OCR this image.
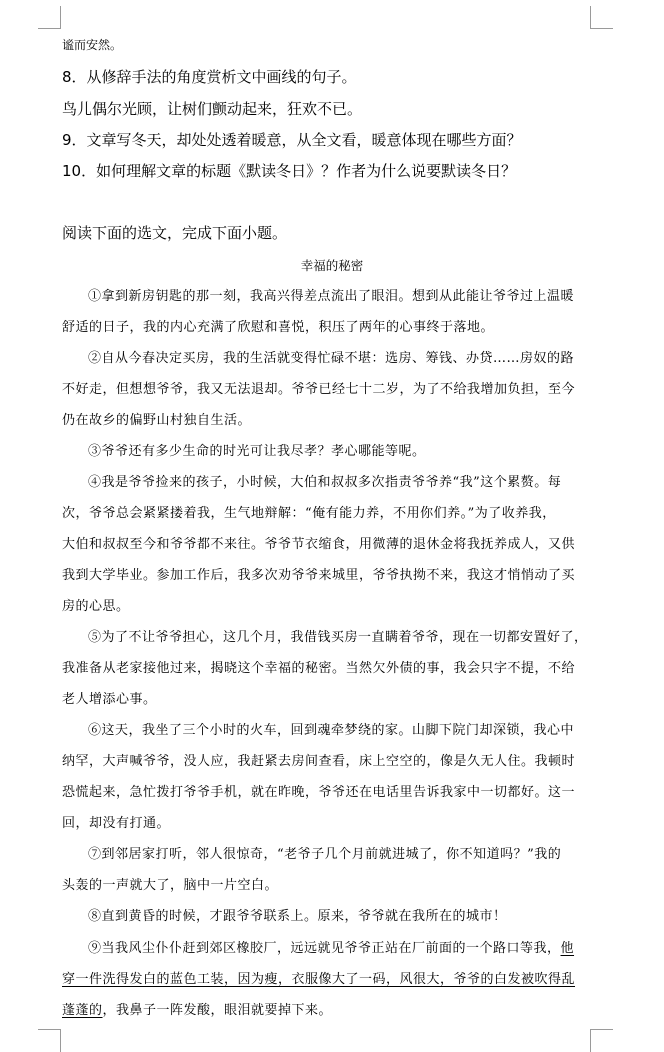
谧而安然。
8．从修辞手法的角度赏析文中画线的句子。
鸟儿偶尔光顾，让树们颤动起来，狂欢不已。
9．文章写冬天，却处处透着暖意，从全文看，暖意体现在哪些方面？
10．如何理解文章的标题《默读冬日》？作者为什么说要默读冬日？
阅读下面的选文，完成下面小题。
幸福的秘密
①拿到新房钥匙的那一刻，我高兴得差点流出了眼泪。想到从此能让爷爷过上温暖
舒适的日子，我的内心充满了欣慰和喜悦，积压了两年的心事终于落地。
②自从今春决定买房，我的生活就变得忙碌不堪：选房、筹钱、办贷……房奴的路
不好走，但想想爷爷，我又无法退却。爷爷已经七十二岁，为了不给我增加负担，至今
仍在故乡的偏野山村独自生活。
③爷爷还有多少生命的时光可让我尽孝？孝心哪能等呢。
④我是爷爷捡来的孩子，小时候，大伯和叔叔多次指责爷爷养“我”这个累赘。每
次，爷爷总会紧紧搂着我，生气地辩解：“俺有能力养，不用你们养。”为了收养我，
大伯和叔叔至今和爷爷都不来往。爷爷节衣缩食，用微薄的退休金将我抚养成人，又供
我到大学毕业。参加工作后，我多次劝爷爷来城里，爷爷执拗不来，我这才悄悄动了买
房的心思。
⑤为了不让爷爷担心，这几个月，我借钱买房一直瞒着爷爷，现在一切都安置好了，
我准备从老家接他过来，揭晓这个幸福的秘密。当然欠外债的事，我会只字不提，不给
老人增添心事。
⑥这天，我坐了三个小时的火车，回到魂牵梦绕的家。山脚下院门却深锁，我心中
纳罕，大声喊爷爷，没人应，我赶紧去房间查看，床上空空的，像是久无人住。我顿时
恐慌起来，急忙拨打爷爷手机，就在昨晚，爷爷还在电话里告诉我家中一切都好。这一
回，却没有打通。
⑦到邻居家打听，邻人很惊奇，“老爷子几个月前就进城了，你不知道吗？”我的
头轰的一声就大了，脑中一片空白。
⑧直到黄昏的时候，才跟爷爷联系上。原来，爷爷就在我所在的城市！
⑨当我风尘仆仆赶到郊区橡胶厂，远远就见爷爷正站在厂前面的一个路口等我，他
穿一件洗得发白的蓝色工装，因为瘦，衣服像大了一码，风很大，爷爷的白发被吹得乱
蓬蓬的，我鼻子一阵发酸，眼泪就要掉下来。
